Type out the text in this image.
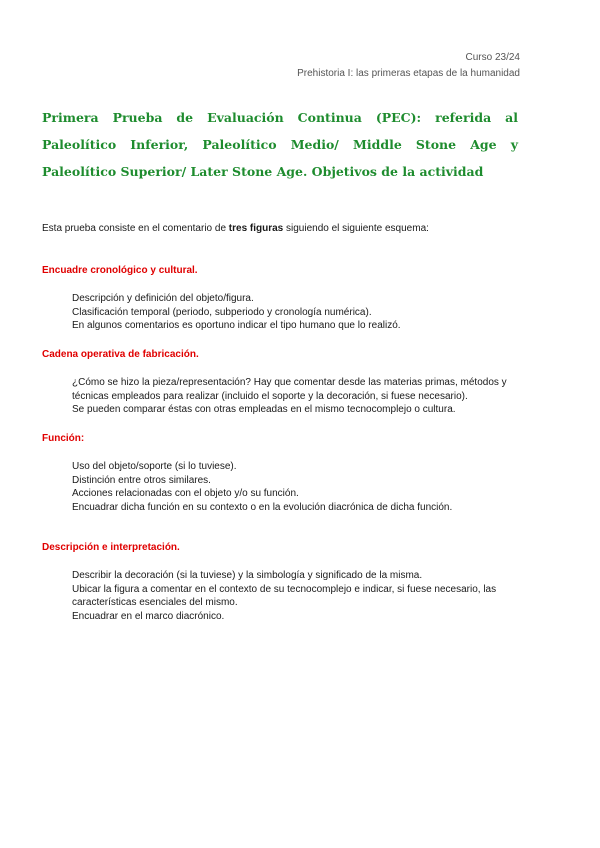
Curso 23/24
Prehistoria I: las primeras etapas de la humanidad
Primera Prueba de Evaluación Continua (PEC): referida al Paleolítico Inferior, Paleolítico Medio/ Middle Stone Age y Paleolítico Superior/ Later Stone Age. Objetivos de la actividad

Esta prueba consiste en el comentario de tres figuras siguiendo el siguiente esquema:

Encuadre cronológico y cultural.
Descripción y definición del objeto/figura.
Clasificación temporal (periodo, subperiodo y cronología numérica).
En algunos comentarios es oportuno indicar el tipo humano que lo realizó.
Cadena operativa de fabricación.
¿Cómo se hizo la pieza/representación? Hay que comentar desde las materias primas, métodos y técnicas empleados para realizar (incluido el soporte y la decoración, si fuese necesario).
Se pueden comparar éstas con otras empleadas en el mismo tecnocomplejo o cultura.
Función:
Uso del objeto/soporte (si lo tuviese).
Distinción entre otros similares.
Acciones relacionadas con el objeto y/o su función.
Encuadrar dicha función en su contexto o en la evolución diacrónica de dicha función.
Descripción e interpretación.
Describir la decoración (si la tuviese) y la simbología y significado de la misma.
Ubicar la figura a comentar en el contexto de su tecnocomplejo e indicar, si fuese necesario, las características esenciales del mismo.
Encuadrar en el marco diacrónico.
